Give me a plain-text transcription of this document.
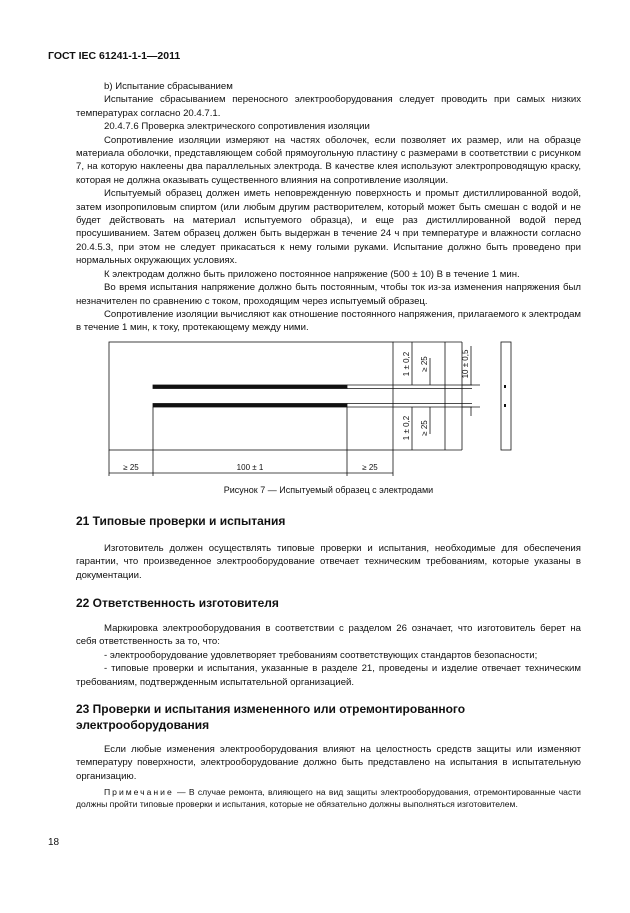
ГОСТ IEC 61241-1-1—2011

b) Испытание сбрасыванием

Испытание сбрасыванием переносного электрооборудования следует проводить при самых низких температурах согласно 20.4.7.1.

20.4.7.6 Проверка электрического сопротивления изоляции

Сопротивление изоляции измеряют на частях оболочек, если позволяет их размер, или на образце материала оболочки, представляющем собой прямоугольную пластину с размерами в соответствии с рисунком 7, на которую наклеены два параллельных электрода. В качестве клея используют электропроводящую краску, которая не должна оказывать существенного влияния на сопротивление изоляции.

Испытуемый образец должен иметь неповрежденную поверхность и промыт дистиллированной водой, затем изопропиловым спиртом (или любым другим растворителем, который может быть смешан с водой и не будет действовать на материал испытуемого образца), и еще раз дистиллированной водой перед просушиванием. Затем образец должен быть выдержан в течение 24 ч при температуре и влажности согласно 20.4.5.3, при этом не следует прикасаться к нему голыми руками. Испытание должно быть проведено при нормальных окружающих условиях.

К электродам должно быть приложено постоянное напряжение (500 ± 10) В в течение 1 мин.

Во время испытания напряжение должно быть постоянным, чтобы ток из-за изменения напряжения был незначителен по сравнению с током, проходящим через испытуемый образец.

Сопротивление изоляции вычисляют как отношение постоянного напряжения, прилагаемого к электродам в течение 1 мин, к току, протекающему между ними.

≥ 25	100 ± 1	≥ 25
1 ± 0,2 ≥ 25	10 ± 0,5
1 ± 0,2 ≥ 25
Рисунок 7 — Испытуемый образец с электродами
21 Типовые проверки и испытания

Изготовитель должен осуществлять типовые проверки и испытания, необходимые для обеспечения гарантии, что произведенное электрооборудование отвечает техническим требованиям, которые указаны в документации.

22 Ответственность изготовителя

Маркировка электрооборудования в соответствии с разделом 26 означает, что изготовитель берет на себя ответственность за то, что:

- электрооборудование удовлетворяет требованиям соответствующих стандартов безопасности;

- типовые проверки и испытания, указанные в разделе 21, проведены и изделие отвечает техническим требованиям, подтвержденным испытательной организацией.

23 Проверки и испытания измененного или отремонтированного электрооборудования

Если любые изменения электрооборудования влияют на целостность средств защиты или изменяют температуру поверхности, электрооборудование должно быть представлено на испытания в испытательную организацию.

Примечание — В случае ремонта, влияющего на вид защиты электрооборудования, отремонтированные части должны пройти типовые проверки и испытания, которые не обязательно должны выполняться изготовителем.

18
